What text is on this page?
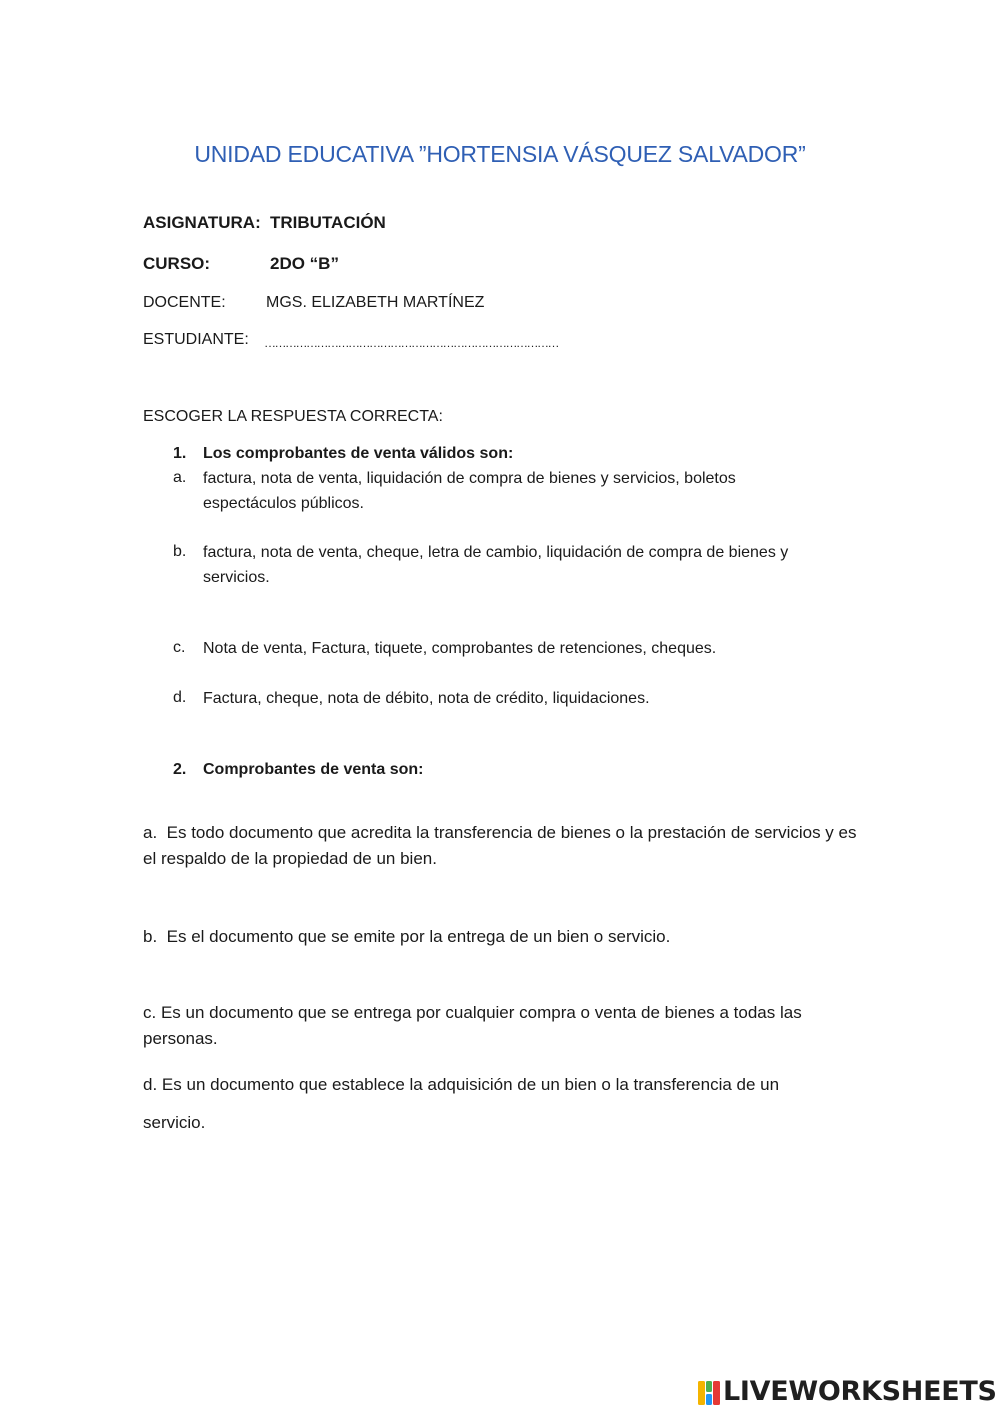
UNIDAD EDUCATIVA ”HORTENSIA VÁSQUEZ SALVADOR”
ASIGNATURA: TRIBUTACIÓN
CURSO:	2DO “B”
DOCENTE:	MGS. ELIZABETH MARTÍNEZ
ESTUDIANTE: …………………………………………………………………………
ESCOGER LA RESPUESTA CORRECTA:
1. Los comprobantes de venta válidos son:
a. factura, nota de venta, liquidación de compra de bienes y servicios, boletos espectáculos públicos.
b. factura, nota de venta, cheque, letra de cambio, liquidación de compra de bienes y servicios.
c. Nota de venta, Factura, tiquete, comprobantes de retenciones, cheques.
d. Factura, cheque, nota de débito, nota de crédito, liquidaciones.
2. Comprobantes de venta son:
a. Es todo documento que acredita la transferencia de bienes o la prestación de servicios y es el respaldo de la propiedad de un bien.
b. Es el documento que se emite por la entrega de un bien o servicio.
c. Es un documento que se entrega por cualquier compra o venta de bienes a todas las personas.
d. Es un documento que establece la adquisición de un bien o la transferencia de un servicio.
LIVEWORKSHEETS
